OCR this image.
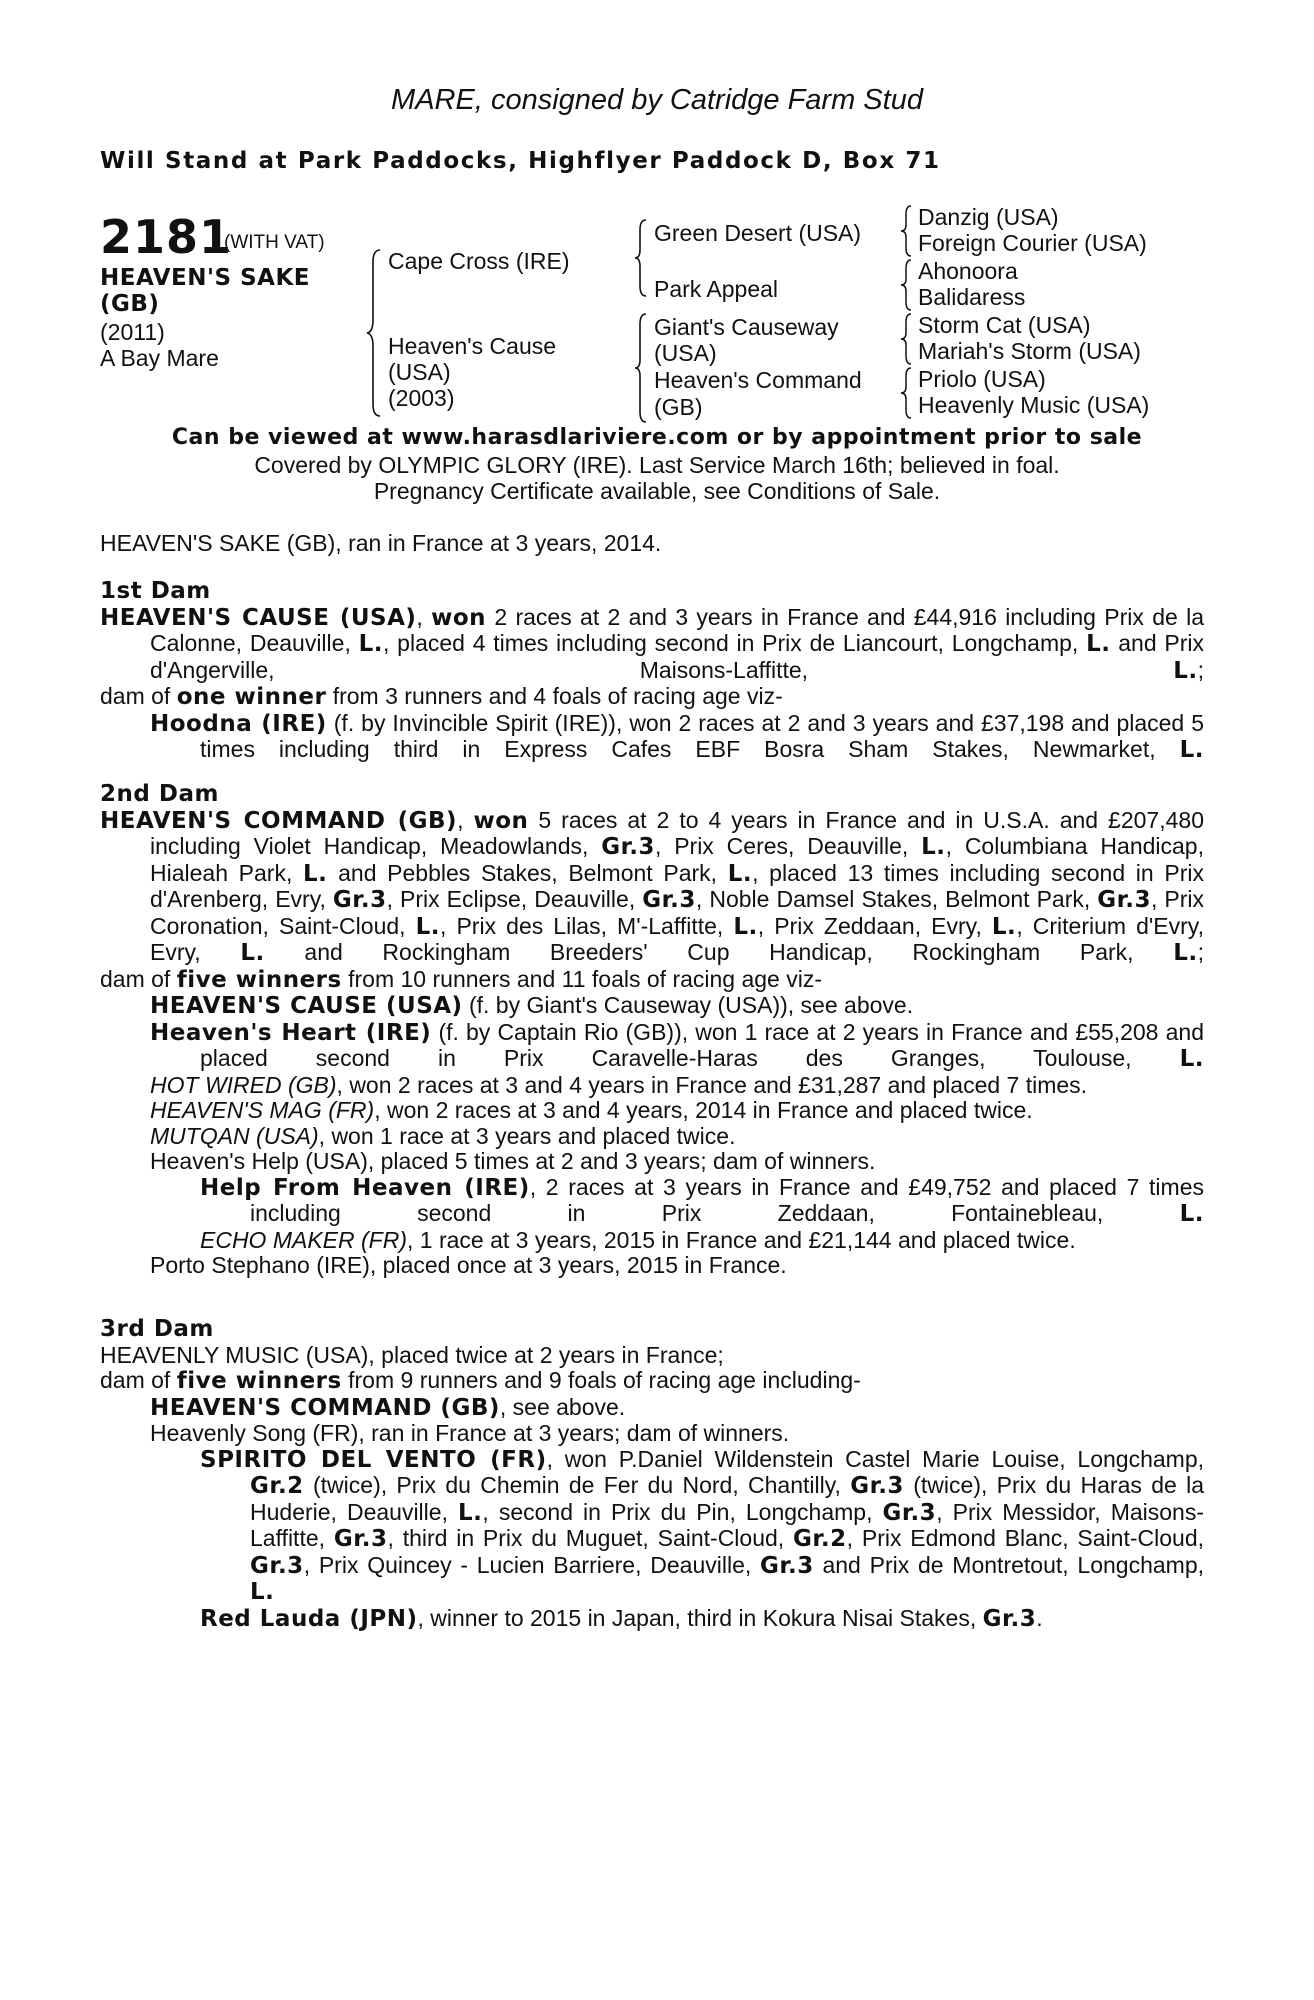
MARE, consigned by Catridge Farm Stud
Will Stand at Park Paddocks, Highflyer Paddock D, Box 71
2181
(WITH VAT)
HEAVEN'S SAKE
(GB)
(2011)
A Bay Mare
Cape Cross (IRE)
Heaven's Cause
(USA)
(2003)
Green Desert (USA)
Park Appeal
Giant's Causeway
(USA)
Heaven's Command
(GB)
Danzig (USA)
Foreign Courier (USA)
Ahonoora
Balidaress
Storm Cat (USA)
Mariah's Storm (USA)
Priolo (USA)
Heavenly Music (USA)
Can be viewed at www.harasdlariviere.com or by appointment prior to sale
Covered by OLYMPIC GLORY (IRE). Last Service March 16th; believed in foal.
Pregnancy Certificate available, see Conditions of Sale.
HEAVEN'S SAKE (GB), ran in France at 3 years, 2014.

1st Dam

HEAVEN'S CAUSE (USA), won 2 races at 2 and 3 years in France and £44,916 including Prix de la Calonne, Deauville, L., placed 4 times including second in Prix de Liancourt, Longchamp, L. and Prix d'Angerville, Maisons-Laffitte, L.;

dam of one winner from 3 runners and 4 foals of racing age viz-

Hoodna (IRE) (f. by Invincible Spirit (IRE)), won 2 races at 2 and 3 years and £37,198 and placed 5 times including third in Express Cafes EBF Bosra Sham Stakes, Newmarket, L.

2nd Dam

HEAVEN'S COMMAND (GB), won 5 races at 2 to 4 years in France and in U.S.A. and £207,480 including Violet Handicap, Meadowlands, Gr.3, Prix Ceres, Deauville, L., Columbiana Handicap, Hialeah Park, L. and Pebbles Stakes, Belmont Park, L., placed 13 times including second in Prix d'Arenberg, Evry, Gr.3, Prix Eclipse, Deauville, Gr.3, Noble Damsel Stakes, Belmont Park, Gr.3, Prix Coronation, Saint-Cloud, L., Prix des Lilas, M'-Laffitte, L., Prix Zeddaan, Evry, L., Criterium d'Evry, Evry, L. and Rockingham Breeders' Cup Handicap, Rockingham Park, L.;

dam of five winners from 10 runners and 11 foals of racing age viz-

HEAVEN'S CAUSE (USA) (f. by Giant's Causeway (USA)), see above.

Heaven's Heart (IRE) (f. by Captain Rio (GB)), won 1 race at 2 years in France and £55,208 and placed second in Prix Caravelle-Haras des Granges, Toulouse, L.

HOT WIRED (GB), won 2 races at 3 and 4 years in France and £31,287 and placed 7 times.

HEAVEN'S MAG (FR), won 2 races at 3 and 4 years, 2014 in France and placed twice.

MUTQAN (USA), won 1 race at 3 years and placed twice.

Heaven's Help (USA), placed 5 times at 2 and 3 years; dam of winners.

Help From Heaven (IRE), 2 races at 3 years in France and £49,752 and placed 7 times including second in Prix Zeddaan, Fontainebleau, L.

ECHO MAKER (FR), 1 race at 3 years, 2015 in France and £21,144 and placed twice.

Porto Stephano (IRE), placed once at 3 years, 2015 in France.

3rd Dam

HEAVENLY MUSIC (USA), placed twice at 2 years in France;

dam of five winners from 9 runners and 9 foals of racing age including-

HEAVEN'S COMMAND (GB), see above.

Heavenly Song (FR), ran in France at 3 years; dam of winners.

SPIRITO DEL VENTO (FR), won P.Daniel Wildenstein Castel Marie Louise, Longchamp, Gr.2 (twice), Prix du Chemin de Fer du Nord, Chantilly, Gr.3 (twice), Prix du Haras de la Huderie, Deauville, L., second in Prix du Pin, Longchamp, Gr.3, Prix Messidor, Maisons-Laffitte, Gr.3, third in Prix du Muguet, Saint-Cloud, Gr.2, Prix Edmond Blanc, Saint-Cloud, Gr.3, Prix Quincey - Lucien Barriere, Deauville, Gr.3 and Prix de Montretout, Longchamp, L.

Red Lauda (JPN), winner to 2015 in Japan, third in Kokura Nisai Stakes, Gr.3.
